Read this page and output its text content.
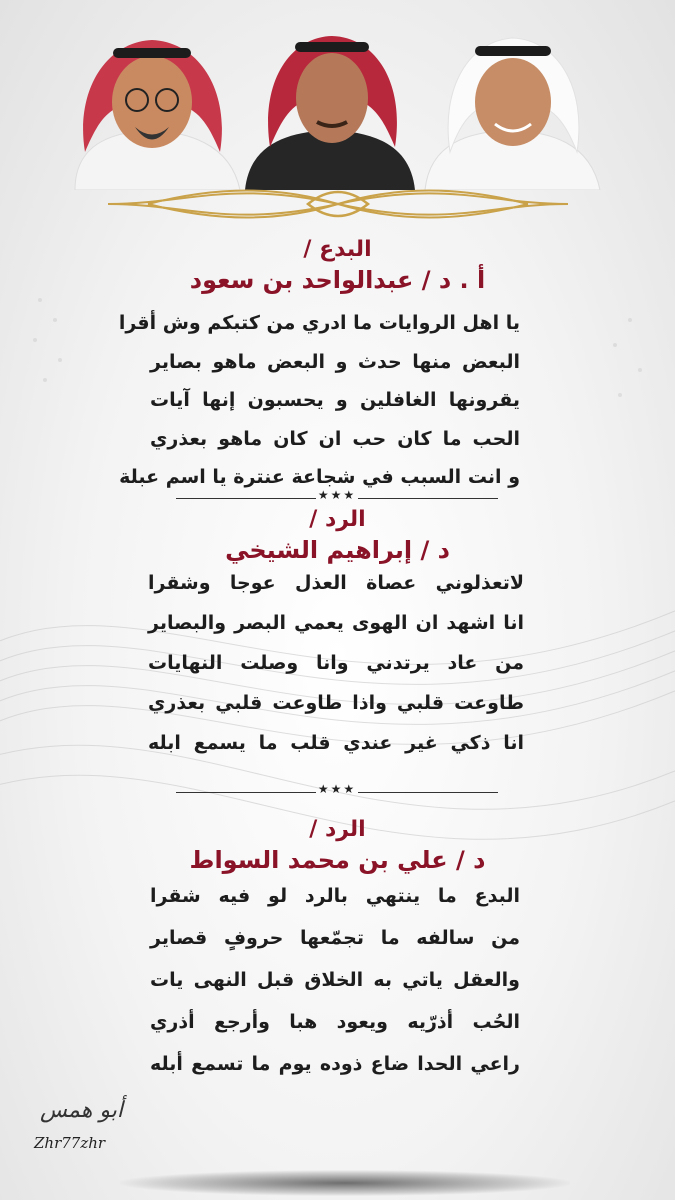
البدع /
أ . د / عبدالواحد بن سعود
يا اهل الروايات ما ادري من كتبكم وش أقرا
البعض منها حدث و البعض ماهو بصاير
يقرونها الغافلين و يحسبون إنها آيات
الحب ما كان حب ان كان ماهو بعذري
و انت السبب في شجاعة عنترة يا اسم عبلة
★★★
الرد /
د / إبراهيم الشيخي
لاتعذلوني عصاة العذل عوجا وشقرا
انا اشهد ان الهوى يعمي البصر والبصاير
من عاد يرتدني وانا وصلت النهايات
طاوعت قلبي واذا طاوعت قلبي بعذري
انا ذكي غير عندي قلب ما يسمع ابله
★★★
الرد /
د / علي بن محمد السواط
البدع ما ينتهي بالرد لو فيه شقرا
من سالفه ما تجمّعها حروفٍ قصاير
والعقل ياتي به الخلاق قبل النهى يات
الحُب أذرّيه ويعود هبا وأرجع أذري
راعي الحدا ضاع ذوده يوم ما تسمع أبله
أبو همس
Zhr77zhr
